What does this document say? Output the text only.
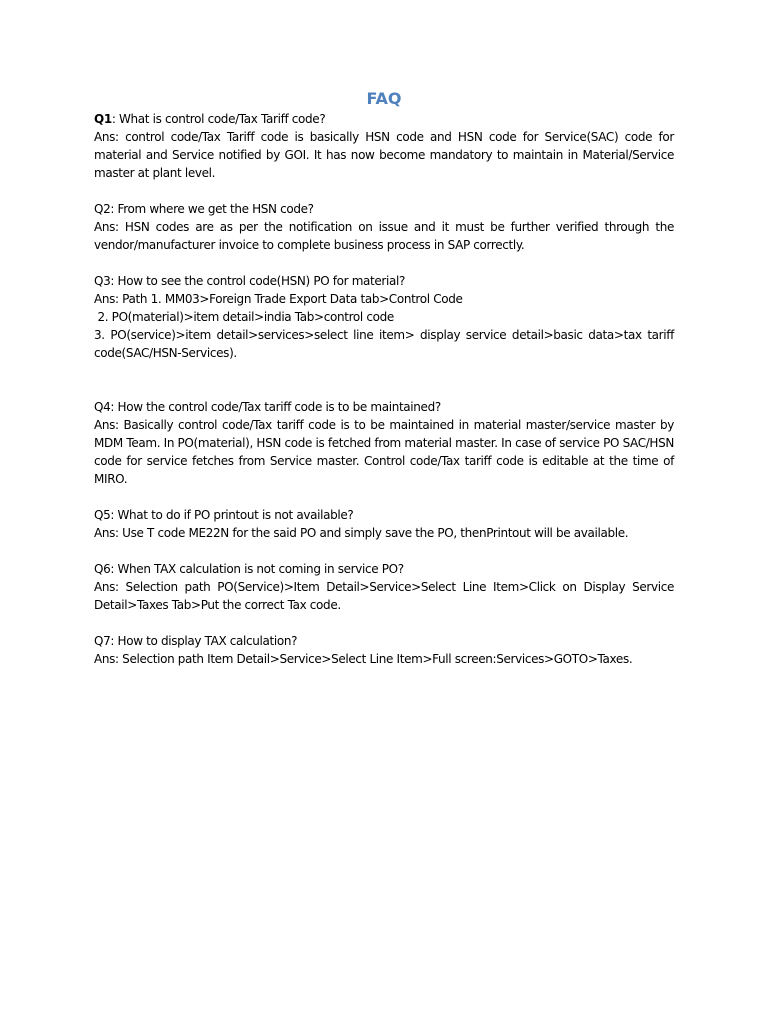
FAQ

Q1: What is control code/Tax Tariff code?

Ans: control code/Tax Tariff code is basically HSN code and HSN code for Service(SAC) code for material and Service notified by GOI. It has now become mandatory to maintain in Material/Service master at plant level.

Q2: From where we get the HSN code?

Ans: HSN codes are as per the notification on issue and it must be further verified through the vendor/manufacturer invoice to complete business process in SAP correctly.

Q3: How to see the control code(HSN) PO for material?

Ans: Path 1. MM03>Foreign Trade Export Data tab>Control Code

2. PO(material)>item detail>india Tab>control code

3. PO(service)>item detail>services>select line item> display service detail>basic data>tax tariff code(SAC/HSN-Services).

Q4: How the control code/Tax tariff code is to be maintained?

Ans: Basically control code/Tax tariff code is to be maintained in material master/service master by MDM Team. In PO(material), HSN code is fetched from material master. In case of service PO SAC/HSN code for service fetches from Service master. Control code/Tax tariff code is editable at the time of MIRO.

Q5: What to do if PO printout is not available?

Ans: Use T code ME22N for the said PO and simply save the PO, thenPrintout will be available.

Q6: When TAX calculation is not coming in service PO?

Ans: Selection path PO(Service)>Item Detail>Service>Select Line Item>Click on Display Service Detail>Taxes Tab>Put the correct Tax code.

Q7: How to display TAX calculation?

Ans: Selection path Item Detail>Service>Select Line Item>Full screen:Services>GOTO>Taxes.
